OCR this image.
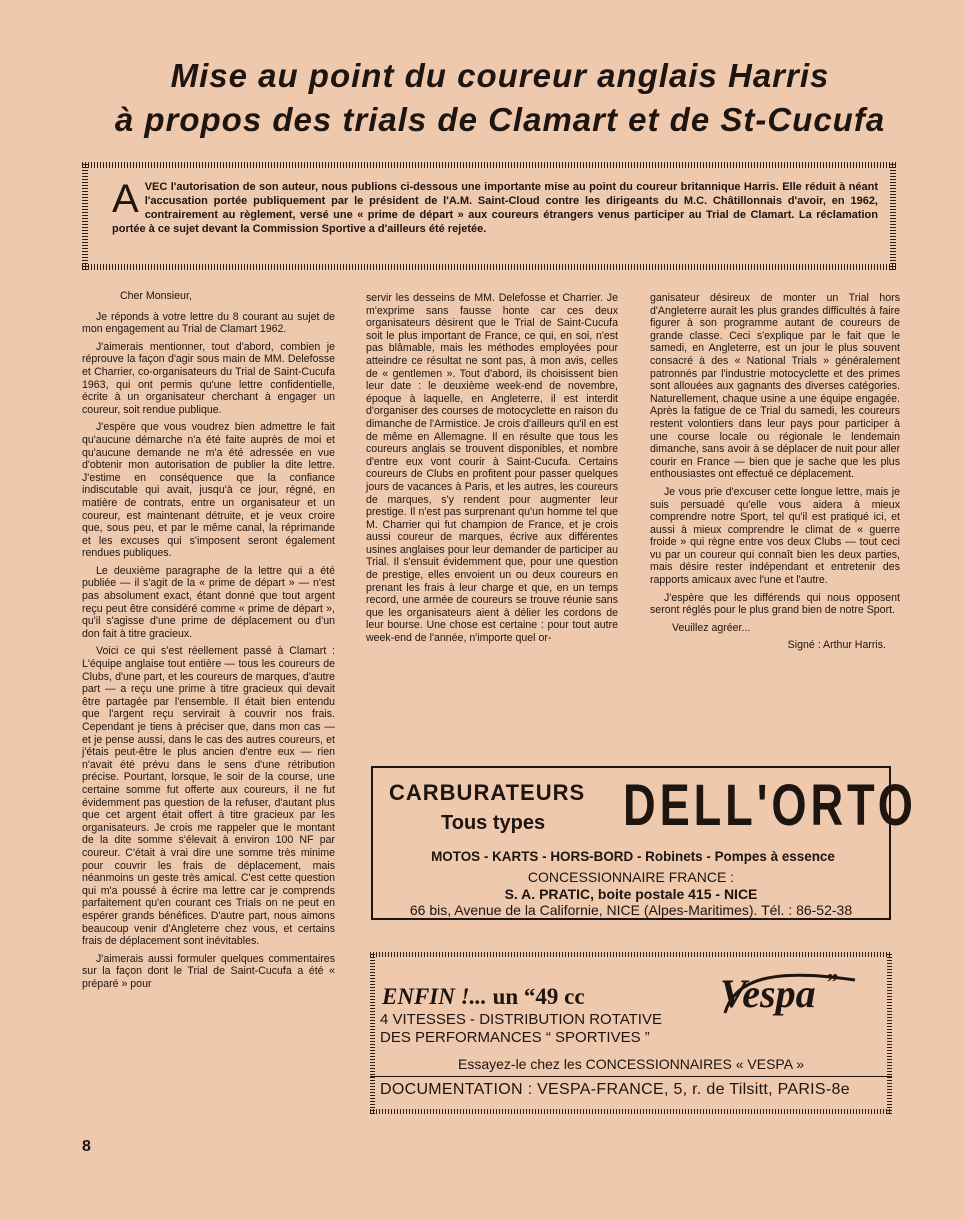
Mise au point du coureur anglais Harris
à propos des trials de Clamart et de St-Cucufa
A VEC l'autorisation de son auteur, nous publions ci-dessous une importante mise au point du coureur britannique Harris. Elle réduit à néant l'accusation portée publiquement par le président de l'A.M. Saint-Cloud contre les dirigeants du M.C. Châtillonnais d'avoir, en 1962, contrairement au règlement, versé une « prime de départ » aux coureurs étrangers venus participer au Trial de Clamart. La réclamation portée à ce sujet devant la Commission Sportive a d'ailleurs été rejetée.

Cher Monsieur,

Je réponds à votre lettre du 8 courant au sujet de mon engagement au Trial de Clamart 1962.

J'aimerais mentionner, tout d'abord, combien je réprouve la façon d'agir sous main de MM. Delefosse et Charrier, co-organisateurs du Trial de Saint-Cucufa 1963, qui ont permis qu'une lettre confidentielle, écrite à un organisateur cherchant à engager un coureur, soit rendue publique.

J'espère que vous voudrez bien admettre le fait qu'aucune démarche n'a été faite auprès de moi et qu'aucune demande ne m'a été adressée en vue d'obtenir mon autorisation de publier la dite lettre. J'estime en conséquence que la confiance indiscutable qui avait, jusqu'à ce jour, régné, en matière de contrats, entre un organisateur et un coureur, est maintenant détruite, et je veux croire que, sous peu, et par le même canal, la réprimande et les excuses qui s'imposent seront également rendues publiques.

Le deuxième paragraphe de la lettre qui a été publiée — il s'agit de la « prime de départ » — n'est pas absolument exact, étant donné que tout argent reçu peut être considéré comme « prime de départ », qu'il s'agisse d'une prime de déplacement ou d'un don fait à titre gracieux.

Voici ce qui s'est réellement passé à Clamart : L'équipe anglaise tout entière — tous les coureurs de Clubs, d'une part, et les coureurs de marques, d'autre part — a reçu une prime à titre gracieux qui devait être partagée par l'ensemble. Il était bien entendu que l'argent reçu servirait à couvrir nos frais. Cependant je tiens à préciser que, dans mon cas — et je pense aussi, dans le cas des autres coureurs, et j'étais peut-être le plus ancien d'entre eux — rien n'avait été prévu dans le sens d'une rétribution précise. Pourtant, lorsque, le soir de la course, une certaine somme fut offerte aux coureurs, il ne fut évidemment pas question de la refuser, d'autant plus que cet argent était offert à titre gracieux par les organisateurs. Je crois me rappeler que le montant de la dite somme s'élevait à environ 100 NF par coureur. C'était à vrai dire une somme très minime pour couvrir les frais de déplacement, mais néanmoins un geste très amical. C'est cette question qui m'a poussé à écrire ma lettre car je comprends parfaitement qu'en courant ces Trials on ne peut en espérer grands bénéfices. D'autre part, nous aimons beaucoup venir d'Angleterre chez vous, et certains frais de déplacement sont inévitables.

J'aimerais aussi formuler quelques commentaires sur la façon dont le Trial de Saint-Cucufa a été « préparé » pour

servir les desseins de MM. Delefosse et Charrier. Je m'exprime sans fausse honte car ces deux organisateurs désirent que le Trial de Saint-Cucufa soit le plus important de France, ce qui, en soi, n'est pas blâmable, mais les méthodes employées pour atteindre ce résultat ne sont pas, à mon avis, celles de « gentlemen ». Tout d'abord, ils choisissent bien leur date : le deuxième week-end de novembre, époque à laquelle, en Angleterre, il est interdit d'organiser des courses de motocyclette en raison du dimanche de l'Armistice. Je crois d'ailleurs qu'il en est de même en Allemagne. Il en résulte que tous les coureurs anglais se trouvent disponibles, et nombre d'entre eux vont courir à Saint-Cucufa. Certains coureurs de Clubs en profitent pour passer quelques jours de vacances à Paris, et les autres, les coureurs de marques, s'y rendent pour augmenter leur prestige. Il n'est pas surprenant qu'un homme tel que M. Charrier qui fut champion de France, et je crois aussi coureur de marques, écrive aux différentes usines anglaises pour leur demander de participer au Trial. Il s'ensuit évidemment que, pour une question de prestige, elles envoient un ou deux coureurs en prenant les frais à leur charge et que, en un temps record, une armée de coureurs se trouve réunie sans que les organisateurs aient à délier les cordons de leur bourse. Une chose est certaine : pour tout autre week-end de l'année, n'importe quel or-

ganisateur désireux de monter un Trial hors d'Angleterre aurait les plus grandes difficultés à faire figurer à son programme autant de coureurs de grande classe. Ceci s'explique par le fait que le samedi, en Angleterre, est un jour le plus souvent consacré à des « National Trials » généralement patronnés par l'industrie motocyclette et des primes sont allouées aux gagnants des diverses catégories. Naturellement, chaque usine a une équipe engagée. Après la fatigue de ce Trial du samedi, les coureurs restent volontiers dans leur pays pour participer à une course locale ou régionale le lendemain dimanche, sans avoir à se déplacer de nuit pour aller courir en France — bien que je sache que les plus enthousiastes ont effectué ce déplacement.

Je vous prie d'excuser cette longue lettre, mais je suis persuadé qu'elle vous aidera à mieux comprendre notre Sport, tel qu'il est pratiqué ici, et aussi à mieux comprendre le climat de « guerre froide » qui règne entre vos deux Clubs — tout ceci vu par un coureur qui connaît bien les deux parties, mais désire rester indépendant et entretenir des rapports amicaux avec l'une et l'autre.

J'espère que les différends qui nous opposent seront réglés pour le plus grand bien de notre Sport.

Veuillez agréer...

Signé : Arthur Harris.

8
CARBURATEURS
Tous types DELL'ORTO
MOTOS - KARTS - HORS-BORD - Robinets - Pompes à essence
CONCESSIONNAIRE FRANCE :
S. A. PRATIC, boite postale 415 - NICE
66 bis, Avenue de la Californie, NICE (Alpes-Maritimes). Tél. : 86-52-38
ENFIN !... un “49 cc
4 VITESSES - DISTRIBUTION ROTATIVE
DES PERFORMANCES “ SPORTIVES ”
Vespa ”
Essayez-le chez les CONCESSIONNAIRES « VESPA »
DOCUMENTATION : VESPA-FRANCE, 5, r. de Tilsitt, PARIS-8e
